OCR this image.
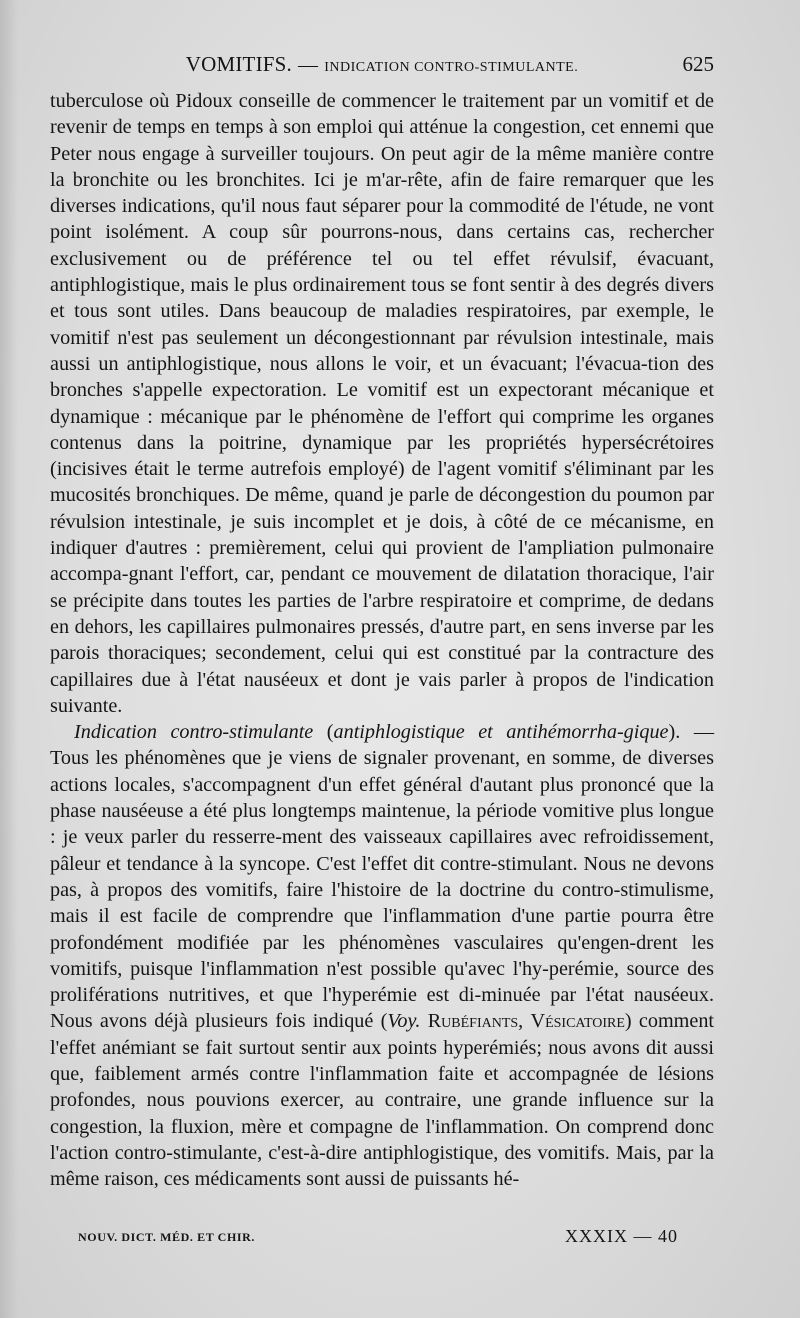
VOMITIFS. — INDICATION CONTRO-STIMULANTE.	625

tuberculose où Pidoux conseille de commencer le traitement par un vomitif et de revenir de temps en temps à son emploi qui atténue la congestion, cet ennemi que Peter nous engage à surveiller toujours. On peut agir de la même manière contre la bronchite ou les bronchites. Ici je m'ar-rête, afin de faire remarquer que les diverses indications, qu'il nous faut séparer pour la commodité de l'étude, ne vont point isolément. A coup sûr pourrons-nous, dans certains cas, rechercher exclusivement ou de préférence tel ou tel effet révulsif, évacuant, antiphlogistique, mais le plus ordinairement tous se font sentir à des degrés divers et tous sont utiles. Dans beaucoup de maladies respiratoires, par exemple, le vomitif n'est pas seulement un décongestionnant par révulsion intestinale, mais aussi un antiphlogistique, nous allons le voir, et un évacuant; l'évacua-tion des bronches s'appelle expectoration. Le vomitif est un expectorant mécanique et dynamique : mécanique par le phénomène de l'effort qui comprime les organes contenus dans la poitrine, dynamique par les propriétés hypersécrétoires (incisives était le terme autrefois employé) de l'agent vomitif s'éliminant par les mucosités bronchiques. De même, quand je parle de décongestion du poumon par révulsion intestinale, je suis incomplet et je dois, à côté de ce mécanisme, en indiquer d'autres : premièrement, celui qui provient de l'ampliation pulmonaire accompa-gnant l'effort, car, pendant ce mouvement de dilatation thoracique, l'air se précipite dans toutes les parties de l'arbre respiratoire et comprime, de dedans en dehors, les capillaires pulmonaires pressés, d'autre part, en sens inverse par les parois thoraciques; secondement, celui qui est constitué par la contracture des capillaires due à l'état nauséeux et dont je vais parler à propos de l'indication suivante.

Indication contro-stimulante (antiphlogistique et antihémorrha-gique). — Tous les phénomènes que je viens de signaler provenant, en somme, de diverses actions locales, s'accompagnent d'un effet général d'autant plus prononcé que la phase nauséeuse a été plus longtemps maintenue, la période vomitive plus longue : je veux parler du resserre-ment des vaisseaux capillaires avec refroidissement, pâleur et tendance à la syncope. C'est l'effet dit contre-stimulant. Nous ne devons pas, à propos des vomitifs, faire l'histoire de la doctrine du contro-stimulisme, mais il est facile de comprendre que l'inflammation d'une partie pourra être profondément modifiée par les phénomènes vasculaires qu'engen-drent les vomitifs, puisque l'inflammation n'est possible qu'avec l'hy-perémie, source des proliférations nutritives, et que l'hyperémie est di-minuée par l'état nauséeux. Nous avons déjà plusieurs fois indiqué (Voy. Rubéfiants, Vésicatoire) comment l'effet anémiant se fait surtout sentir aux points hyperémiés; nous avons dit aussi que, faiblement armés contre l'inflammation faite et accompagnée de lésions profondes, nous pouvions exercer, au contraire, une grande influence sur la congestion, la fluxion, mère et compagne de l'inflammation. On comprend donc l'action contro-stimulante, c'est-à-dire antiphlogistique, des vomitifs. Mais, par la même raison, ces médicaments sont aussi de puissants hé-

NOUV. DICT. MÉD. ET CHIR.	XXXIX — 40
